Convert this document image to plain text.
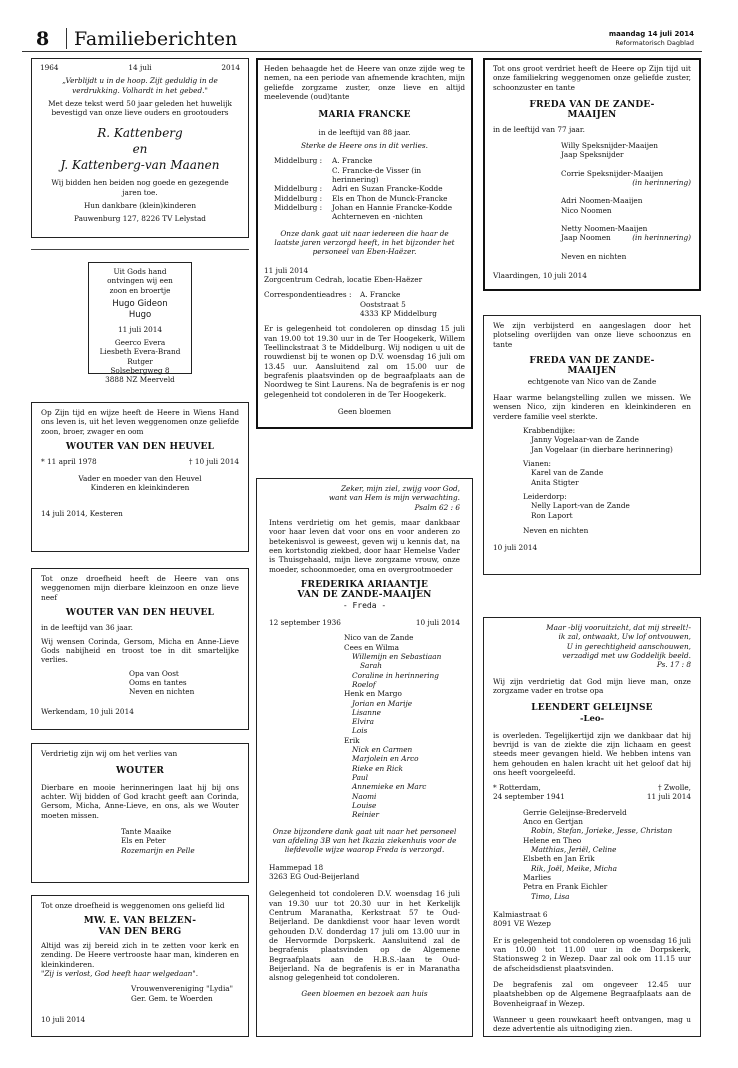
8 Familieberichten	maandag 14 juli 2014
Reformatorisch Dagblad
1964	14 juli	2014
„Verblijdt u in de hoop. Zijt geduldig in de
verdrukking. Volhardt in het gebed."
Met deze tekst werd 50 jaar geleden het huwelijk
bevestigd van onze lieve ouders en grootouders
R. Kattenberg
en
J. Kattenberg-van Maanen
Wij bidden hen beiden nog goede en gezegende
jaren toe.
Hun dankbare (klein)kinderen
Pauwenburg 127, 8226 TV Lelystad
Uit Gods hand
ontvingen wij een
zoon en broertje
Hugo Gideon
Hugo
11 juli 2014
Geerco Evera
Liesbeth Evera-Brand
Rutger
Solsebergweg 8
3888 NZ Meerveld
Op Zijn tijd en wijze heeft de Heere in Wiens Hand ons leven is, uit het leven weggenomen onze geliefde zoon, broer, zwager en oom
WOUTER VAN DEN HEUVEL
* 11 april 1978	† 10 juli 2014
Vader en moeder van den Heuvel
Kinderen en kleinkinderen
14 juli 2014, Kesteren
Tot onze droefheid heeft de Heere van ons weggenomen mijn dierbare kleinzoon en onze lieve neef
WOUTER VAN DEN HEUVEL
in de leeftijd van 36 jaar.
Wij wensen Corinda, Gersom, Micha en Anne-Lieve Gods nabijheid en troost toe in dit smartelijke verlies.
Opa van Oost
Ooms en tantes
Neven en nichten
Werkendam, 10 juli 2014
Verdrietig zijn wij om het verlies van
WOUTER
Dierbare en mooie herinneringen laat hij bij ons achter. Wij bidden of God kracht geeft aan Corinda, Gersom, Micha, Anne-Lieve, en ons, als we Wouter moeten missen.
Tante Maaike
Els en Peter
Rozemarijn en Pelle
Tot onze droefheid is weggenomen ons geliefd lid
MW. E. VAN BELZEN-
VAN DEN BERG
Altijd was zij bereid zich in te zetten voor kerk en zending. De Heere vertrooste haar man, kinderen en kleinkinderen.
"Zij is verlost, God heeft haar welgedaan".
Vrouwenvereniging "Lydia"
Ger. Gem. te Woerden
10 juli 2014
Heden behaagde het de Heere van onze zijde weg te nemen, na een periode van afnemende krachten, mijn geliefde zorgzame zuster, onze lieve en altijd meelevende (oud)tante
MARIA FRANCKE
in de leeftijd van 88 jaar.
Sterke de Heere ons in dit verlies.
Middelburg :	A. Francke
C. Francke-de Visser (in herinnering)
Middelburg :	Adri en Suzan Francke-Kodde
Middelburg :	Els en Thon de Munck-Francke
Middelburg :	Johan en Hannie Francke-Kodde
Achterneven en -nichten
Onze dank gaat uit naar iedereen die haar de laatste jaren verzorgd heeft, in het bijzonder het personeel van Eben-Haëzer.
11 juli 2014
Zorgcentrum Cedrah, locatie Eben-Haëzer
Correspondentieadres :	A. Francke
Ooststraat 5
4333 KP Middelburg
Er is gelegenheid tot condoleren op dinsdag 15 juli van 19.00 tot 19.30 uur in de Ter Hoogekerk, Willem Teellinckstraat 3 te Middelburg. Wij nodigen u uit de rouwdienst bij te wonen op D.V. woensdag 16 juli om 13.45 uur. Aansluitend zal om 15.00 uur de begrafenis plaatsvinden op de begraafplaats aan de Noordweg te Sint Laurens. Na de begrafenis is er nog gelegenheid tot condoleren in de Ter Hoogekerk.
Geen bloemen
Zeker, mijn ziel, zwijg voor God,
want van Hem is mijn verwachting.
Psalm 62 : 6
Intens verdrietig om het gemis, maar dankbaar voor haar leven dat voor ons en voor anderen zo betekenisvol is geweest, geven wij u kennis dat, na een kortstondig ziekbed, door haar Hemelse Vader is Thuisgehaald, mijn lieve zorgzame vrouw, onze moeder, schoonmoeder, oma en overgrootmoeder
FREDERIKA ARIAANTJE
VAN DE ZANDE-MAAIJEN
- Freda -
12 september 1936	10 juli 2014
Nico van de Zande
Cees en Wilma
Willemijn en Sebastiaan
Sarah
Coraline in herinnering
Roelof
Henk en Margo
Jorian en Marije
Lisanne
Elvira
Lois
Erik
Nick en Carmen
Marjolein en Arco
Rieke en Rick
Paul
Annemieke en Marc
Naomi
Louise
Reinier
Onze bijzondere dank gaat uit naar het personeel van afdeling 3B van het Ikazia ziekenhuis voor de liefdevolle wijze waarop Freda is verzorgd.
Hammepad 18
3263 EG Oud-Beijerland
Gelegenheid tot condoleren D.V. woensdag 16 juli van 19.30 uur tot 20.30 uur in het Kerkelijk Centrum Maranatha, Kerkstraat 57 te Oud-Beijerland. De dankdienst voor haar leven wordt gehouden D.V. donderdag 17 juli om 13.00 uur in de Hervormde Dorpskerk. Aansluitend zal de begrafenis plaatsvinden op de Algemene Begraafplaats aan de H.B.S.-laan te Oud-Beijerland. Na de begrafenis is er in Maranatha alsnog gelegenheid tot condoleren.
Geen bloemen en bezoek aan huis
Tot ons groot verdriet heeft de Heere op Zijn tijd uit onze familiekring weggenomen onze geliefde zuster, schoonzuster en tante
FREDA VAN DE ZANDE-
MAAIJEN
in de leeftijd van 77 jaar.
Willy Speksnijder-Maaijen
Jaap Speksnijder
Corrie Speksnijder-Maaijen
(in herinnering)
Adri Noomen-Maaijen
Nico Noomen
Netty Noomen-Maaijen
Jaap Noomen	(in herinnering)
Neven en nichten
Vlaardingen, 10 juli 2014
We zijn verbijsterd en aangeslagen door het plotseling overlijden van onze lieve schoonzus en tante
FREDA VAN DE ZANDE-
MAAIJEN
echtgenote van Nico van de Zande
Haar warme belangstelling zullen we missen. We wensen Nico, zijn kinderen en kleinkinderen en verdere familie veel sterkte.
Krabbendijke:
Janny Vogelaar-van de Zande
Jan Vogelaar (in dierbare herinnering)
Vianen:
Karel van de Zande
Anita Stigter
Leiderdorp:
Nelly Laport-van de Zande
Ron Laport
Neven en nichten
10 juli 2014
Maar -blij vooruitzicht, dat mij streelt!-
ik zal, ontwaakt, Uw lof ontvouwen,
U in gerechtigheid aanschouwen,
verzadigd met uw Goddelijk beeld.
Ps. 17 : 8
Wij zijn verdrietig dat God mijn lieve man, onze zorgzame vader en trotse opa
LEENDERT GELEIJNSE
-Leo-
is overleden. Tegelijkertijd zijn we dankbaar dat hij bevrijd is van de ziekte die zijn lichaam en geest steeds meer gevangen hield. We hebben intens van hem gehouden en halen kracht uit het geloof dat hij ons heeft voorgeleefd.
* Rotterdam,
24 september 1941
† Zwolle,
11 juli 2014
Gerrie Geleijnse-Brederveld
Anco en Gertjan
Robin, Stefan, Jorieke, Jesse, Christan
Helene en Theo
Matthias, Jeriël, Celine
Elsbeth en Jan Erik
Rik, Joël, Meike, Micha
Marlies
Petra en Frank Eichler
Timo, Lisa
Kalmiastraat 6
8091 VE Wezep
Er is gelegenheid tot condoleren op woensdag 16 juli van 10.00 tot 11.00 uur in de Dorpskerk, Stationsweg 2 in Wezep. Daar zal ook om 11.15 uur de afscheidsdienst plaatsvinden.
De begrafenis zal om ongeveer 12.45 uur plaatshebben op de Algemene Begraafplaats aan de Bovenheigraaf in Wezep.
Wanneer u geen rouwkaart heeft ontvangen, mag u deze advertentie als uitnodiging zien.
